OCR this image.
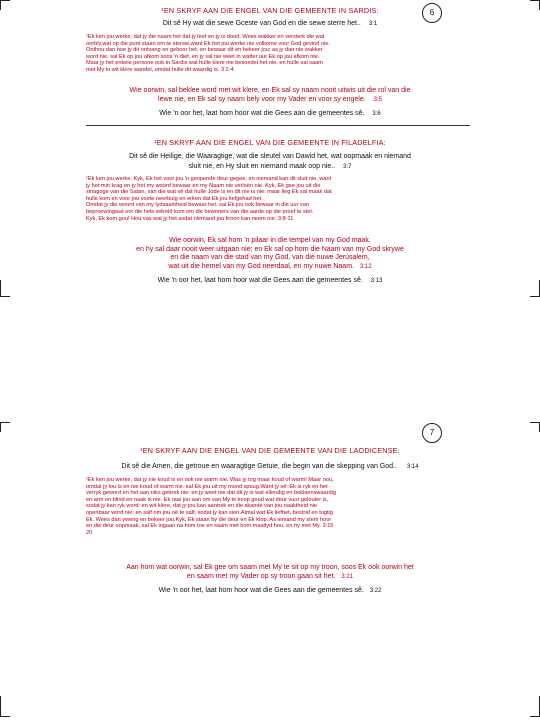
6
¹EN SKRYF AAN DIE ENGEL VAN DIE GEMEENTE IN SARDIS:
Dit sê Hy wat die sewe Gceste van God en die sewe sterre het.. 3:1
¹Ek ken jou werke, dat jy die naam het dat jy leef en jy is dood. Wees wakker en versterk die wat
oorbly,wat op die punt staan om te sterwe,want Ek het jou werke nie volkome voor God gevind nie.
Onthou dan hoe jy dit ontvang en gehoor het, en bewaar dit en bekeer jou; as jy dan nie wakker
word nie, sal Ek op jou afkom soos 'n dief, en jy sal nie weet in watter uur Ek op jou afkom nie.
Maar jy het enkele persone ook in Sardis wat hulle klere nie besoedel het nie. en hulle sal saam
met My in wit klere wandel, omdat hulle dit waardig is. 3:2-4
Wie oorwin, sal beklee word met wit klere, en Ek sal sy naam nooit uitwis uit die rol van die
lewe nie, en Ek sal sy naam bely voor my Vader en voor sy engele. 3:5
Wie 'n oor het, laat hom hoor wat die Gees aan die gemeentes sê. 3:6
¹EN SKRYF AAN DIE ENGEL VAN DIE GEMEENTE IN FILADELFIA:
Dit sê die Heilige, die Waaragtige, wat die sleutel van Dawid het, wat oopmaak en niemand
sluit nie, en Hy sluit en niemand maak oop nie.. 3:7
¹Ek ken jou werke. Kyk, Ek het voor jou 'n geopende deur gegee, en niemand kan dit sluit nie, want
jy het min krag en jy het my woord bewaar en my Naam nie verloën nie. Kyk, Ek gee jou uit die
sinagoge van die Satan, van die wat sê dat hulle Jode is en dit nie is nie. maar lieg Ek sal maak dat
hulle kom en voor jou voete neerbuig en erken dat Ek jou liefgehad het.
Omdat jy die woord van my lydsaamheid bewaar het. sal Ek jou ook bewaar in die uur van
beproewingwat oor die hele wêreld kom om die bewoners van die aarde op die proef te stel.
Kyk, Ek kom gou! Hou vas wat jy het.sodat niemand jou kroon kan neem nie. 3:8-11
Wie oorwin, Ek sal hom 'n pilaar in die tempel van my God maak,
en hy sal daar nooit weer uitgaan nie; en Ek sal op hom die Naam van my God skrywe
en die naam van die stad van my God, van die nuwe Jerusalem,
wat uit die hemel van my God neerdaal, en my nuwe Naam. 3:12
Wie 'n oor het, laat hom hoor wat die Gees aan die gemeentes sê. 3:13
7
¹EN SKRYF AAN DIE ENGEL VAN DIE GEMEENTE VAN DIE LAODICENSE:
Dit sê die Amen, die getroue en waaragtige Getuie, die begin van die skepping van God.. 3:14
¹Ek ken jou werke, dat jy nie koud is en ook nie warm nie. Was jy tog maar koud of warm! Maar nou,
omdat jy lou is en nie koud of warm nie. sal Ek jou uit my mond spuug.Want jy sê: Ek is ryk en het
verryk geword en het aan niks gebrek nie: en jy weet nie dat dit jy is wat ellendig en beklaenswaardig
en arm en blind en naak is nie. Ek raai jou aan om van My te koop goud wat deur vuur gelouter is,
sodat jy kan ryk word: en wit klere, dat jy jou kan aantrek en die skande van jou naaktheid nie
openbaar word nie: en salf om jou oë te salf, sodat jy kan sien.Almal wat Ek liefhet, bestraf en tugtig
Ek. Wees dan ywerig en bekeer jou.Kyk, Ek staan by die deur en Ek klop. As iemand my stem hoor
en die deur oopmaak, sal Ek ingaan na hom toe en saam met hom maaltyd hou. en hy met My. 3:15
20
Aan hom wat oorwin, sal Ek gee om saam met My te sit op my troon, soos Ek ook oorwin het
en saam met my Vader op sy troon gaan sit het. 3:21
Wie 'n oor het, laat hom hoor wat die Gees aan die gemeentes sê. 3:22
